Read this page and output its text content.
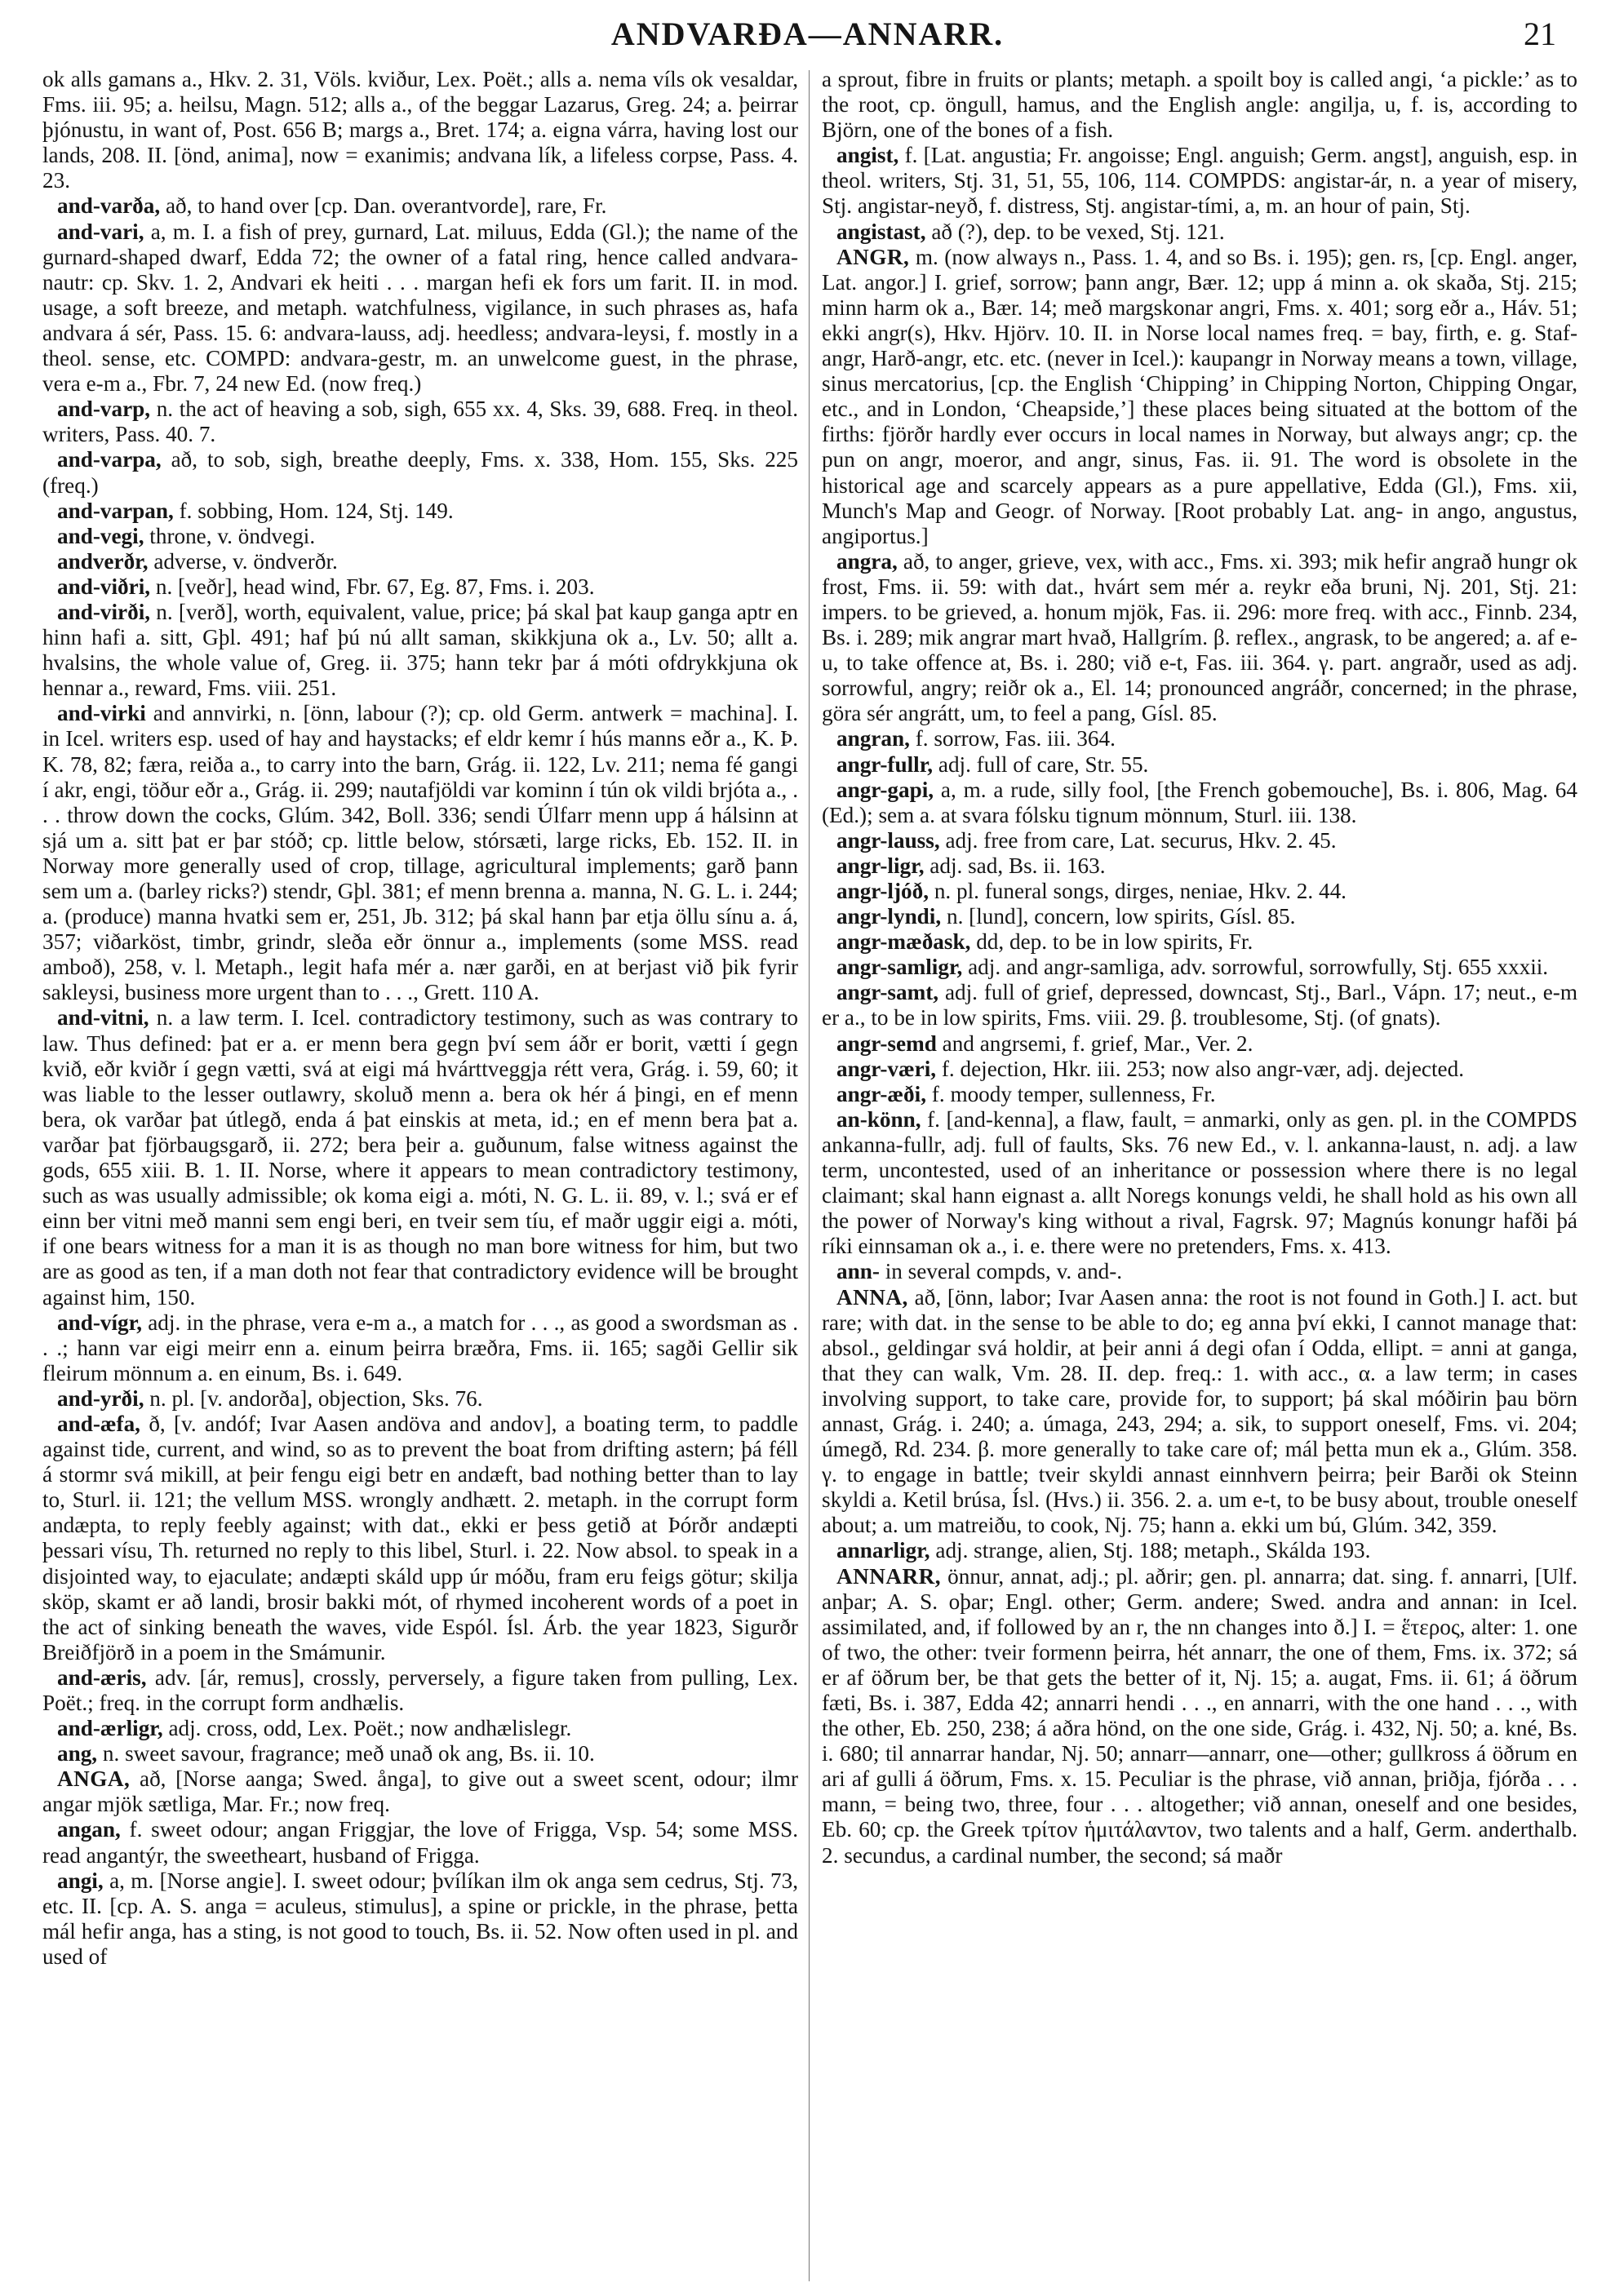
ANDVARÐA—ANNARR.	21

ok alls gamans a., Hkv. 2. 31, Völs. kviður, Lex. Poët.; alls a. nema víls ok vesaldar, Fms. iii. 95; a. heilsu, Magn. 512; alls a., of the beggar Lazarus, Greg. 24; a. þeirrar þjónustu, in want of, Post. 656 B; margs a., Bret. 174; a. eigna várra, having lost our lands, 208. II. [önd, anima], now = exanimis; andvana lík, a lifeless corpse, Pass. 4. 23.

and-varða, að, to hand over [cp. Dan. overantvorde], rare, Fr.

and-vari, a, m. I. a fish of prey, gurnard, Lat. miluus, Edda (Gl.); the name of the gurnard-shaped dwarf, Edda 72; the owner of a fatal ring, hence called andvara-nautr: cp. Skv. 1. 2, Andvari ek heiti . . . margan hefi ek fors um farit. II. in mod. usage, a soft breeze, and metaph. watchfulness, vigilance, in such phrases as, hafa andvara á sér, Pass. 15. 6: andvara-lauss, adj. heedless; andvara-leysi, f. mostly in a theol. sense, etc. COMPD: andvara-gestr, m. an unwelcome guest, in the phrase, vera e-m a., Fbr. 7, 24 new Ed. (now freq.)

and-varp, n. the act of heaving a sob, sigh, 655 xx. 4, Sks. 39, 688. Freq. in theol. writers, Pass. 40. 7.

and-varpa, að, to sob, sigh, breathe deeply, Fms. x. 338, Hom. 155, Sks. 225 (freq.)

and-varpan, f. sobbing, Hom. 124, Stj. 149.

and-vegi, throne, v. öndvegi.

andverðr, adverse, v. öndverðr.

and-viðri, n. [veðr], head wind, Fbr. 67, Eg. 87, Fms. i. 203.

and-virði, n. [verð], worth, equivalent, value, price; þá skal þat kaup ganga aptr en hinn hafi a. sitt, Gþl. 491; haf þú nú allt saman, skikkjuna ok a., Lv. 50; allt a. hvalsins, the whole value of, Greg. ii. 375; hann tekr þar á móti ofdrykkjuna ok hennar a., reward, Fms. viii. 251.

and-virki and annvirki, n. [önn, labour (?); cp. old Germ. antwerk = machina]. I. in Icel. writers esp. used of hay and haystacks; ef eldr kemr í hús manns eðr a., K. Þ. K. 78, 82; færa, reiða a., to carry into the barn, Grág. ii. 122, Lv. 211; nema fé gangi í akr, engi, töður eðr a., Grág. ii. 299; nautafjöldi var kominn í tún ok vildi brjóta a., . . . throw down the cocks, Glúm. 342, Boll. 336; sendi Úlfarr menn upp á hálsinn at sjá um a. sitt þat er þar stóð; cp. little below, stórsæti, large ricks, Eb. 152. II. in Norway more generally used of crop, tillage, agricultural implements; garð þann sem um a. (barley ricks?) stendr, Gþl. 381; ef menn brenna a. manna, N. G. L. i. 244; a. (produce) manna hvatki sem er, 251, Jb. 312; þá skal hann þar etja öllu sínu a. á, 357; viðarköst, timbr, grindr, sleða eðr önnur a., implements (some MSS. read amboð), 258, v. l. Metaph., legit hafa mér a. nær garði, en at berjast við þik fyrir sakleysi, business more urgent than to . . ., Grett. 110 A.

and-vitni, n. a law term. I. Icel. contradictory testimony, such as was contrary to law. Thus defined: þat er a. er menn bera gegn því sem áðr er borit, vætti í gegn kvið, eðr kviðr í gegn vætti, svá at eigi má hvárttveggja rétt vera, Grág. i. 59, 60; it was liable to the lesser outlawry, skoluð menn a. bera ok hér á þingi, en ef menn bera, ok varðar þat útlegð, enda á þat einskis at meta, id.; en ef menn bera þat a. varðar þat fjörbaugsgarð, ii. 272; bera þeir a. guðunum, false witness against the gods, 655 xiii. B. 1. II. Norse, where it appears to mean contradictory testimony, such as was usually admissible; ok koma eigi a. móti, N. G. L. ii. 89, v. l.; svá er ef einn ber vitni með manni sem engi beri, en tveir sem tíu, ef maðr uggir eigi a. móti, if one bears witness for a man it is as though no man bore witness for him, but two are as good as ten, if a man doth not fear that contradictory evidence will be brought against him, 150.

and-vígr, adj. in the phrase, vera e-m a., a match for . . ., as good a swordsman as . . .; hann var eigi meirr enn a. einum þeirra bræðra, Fms. ii. 165; sagði Gellir sik fleirum mönnum a. en einum, Bs. i. 649.

and-yrði, n. pl. [v. andorða], objection, Sks. 76.

and-æfa, ð, [v. andóf; Ivar Aasen andöva and andov], a boating term, to paddle against tide, current, and wind, so as to prevent the boat from drifting astern; þá féll á stormr svá mikill, at þeir fengu eigi betr en andæft, bad nothing better than to lay to, Sturl. ii. 121; the vellum MSS. wrongly andhætt. 2. metaph. in the corrupt form andæpta, to reply feebly against; with dat., ekki er þess getið at Þórðr andæpti þessari vísu, Th. returned no reply to this libel, Sturl. i. 22. Now absol. to speak in a disjointed way, to ejaculate; andæpti skáld upp úr móðu, fram eru feigs götur; skilja sköp, skamt er að landi, brosir bakki mót, of rhymed incoherent words of a poet in the act of sinking beneath the waves, vide Espól. Ísl. Árb. the year 1823, Sigurðr Breiðfjörð in a poem in the Smámunir.

and-æris, adv. [ár, remus], crossly, perversely, a figure taken from pulling, Lex. Poët.; freq. in the corrupt form andhælis.

and-ærligr, adj. cross, odd, Lex. Poët.; now andhælislegr.

ang, n. sweet savour, fragrance; með unað ok ang, Bs. ii. 10.

ANGA, að, [Norse aanga; Swed. ånga], to give out a sweet scent, odour; ilmr angar mjök sætliga, Mar. Fr.; now freq.

angan, f. sweet odour; angan Friggjar, the love of Frigga, Vsp. 54; some MSS. read angantýr, the sweetheart, husband of Frigga.

angi, a, m. [Norse angie]. I. sweet odour; þvílíkan ilm ok anga sem cedrus, Stj. 73, etc. II. [cp. A. S. anga = aculeus, stimulus], a spine or prickle, in the phrase, þetta mál hefir anga, has a sting, is not good to touch, Bs. ii. 52. Now often used in pl. and used of

a sprout, fibre in fruits or plants; metaph. a spoilt boy is called angi, ‘a pickle:’ as to the root, cp. öngull, hamus, and the English angle: angilja, u, f. is, according to Björn, one of the bones of a fish.

angist, f. [Lat. angustia; Fr. angoisse; Engl. anguish; Germ. angst], anguish, esp. in theol. writers, Stj. 31, 51, 55, 106, 114. COMPDS: angistar-ár, n. a year of misery, Stj. angistar-neyð, f. distress, Stj. angistar-tími, a, m. an hour of pain, Stj.

angistast, að (?), dep. to be vexed, Stj. 121.

ANGR, m. (now always n., Pass. 1. 4, and so Bs. i. 195); gen. rs, [cp. Engl. anger, Lat. angor.] I. grief, sorrow; þann angr, Bær. 12; upp á minn a. ok skaða, Stj. 215; minn harm ok a., Bær. 14; með margskonar angri, Fms. x. 401; sorg eðr a., Háv. 51; ekki angr(s), Hkv. Hjörv. 10. II. in Norse local names freq. = bay, firth, e. g. Staf-angr, Harð-angr, etc. etc. (never in Icel.): kaupangr in Norway means a town, village, sinus mercatorius, [cp. the English ‘Chipping’ in Chipping Norton, Chipping Ongar, etc., and in London, ‘Cheapside,’] these places being situated at the bottom of the firths: fjörðr hardly ever occurs in local names in Norway, but always angr; cp. the pun on angr, moeror, and angr, sinus, Fas. ii. 91. The word is obsolete in the historical age and scarcely appears as a pure appellative, Edda (Gl.), Fms. xii, Munch's Map and Geogr. of Norway. [Root probably Lat. ang- in ango, angustus, angiportus.]

angra, að, to anger, grieve, vex, with acc., Fms. xi. 393; mik hefir angrað hungr ok frost, Fms. ii. 59: with dat., hvárt sem mér a. reykr eða bruni, Nj. 201, Stj. 21: impers. to be grieved, a. honum mjök, Fas. ii. 296: more freq. with acc., Finnb. 234, Bs. i. 289; mik angrar mart hvað, Hallgrím. β. reflex., angrask, to be angered; a. af e-u, to take offence at, Bs. i. 280; við e-t, Fas. iii. 364. γ. part. angraðr, used as adj. sorrowful, angry; reiðr ok a., El. 14; pronounced angráðr, concerned; in the phrase, göra sér angrátt, um, to feel a pang, Gísl. 85.

angran, f. sorrow, Fas. iii. 364.

angr-fullr, adj. full of care, Str. 55.

angr-gapi, a, m. a rude, silly fool, [the French gobemouche], Bs. i. 806, Mag. 64 (Ed.); sem a. at svara fólsku tignum mönnum, Sturl. iii. 138.

angr-lauss, adj. free from care, Lat. securus, Hkv. 2. 45.

angr-ligr, adj. sad, Bs. ii. 163.

angr-ljóð, n. pl. funeral songs, dirges, neniae, Hkv. 2. 44.

angr-lyndi, n. [lund], concern, low spirits, Gísl. 85.

angr-mæðask, dd, dep. to be in low spirits, Fr.

angr-samligr, adj. and angr-samliga, adv. sorrowful, sorrowfully, Stj. 655 xxxii.

angr-samt, adj. full of grief, depressed, downcast, Stj., Barl., Vápn. 17; neut., e-m er a., to be in low spirits, Fms. viii. 29. β. troublesome, Stj. (of gnats).

angr-semd and angrsemi, f. grief, Mar., Ver. 2.

angr-væri, f. dejection, Hkr. iii. 253; now also angr-vær, adj. dejected.

angr-æði, f. moody temper, sullenness, Fr.

an-könn, f. [and-kenna], a flaw, fault, = anmarki, only as gen. pl. in the COMPDS ankanna-fullr, adj. full of faults, Sks. 76 new Ed., v. l. ankanna-laust, n. adj. a law term, uncontested, used of an inheritance or possession where there is no legal claimant; skal hann eignast a. allt Noregs konungs veldi, he shall hold as his own all the power of Norway's king without a rival, Fagrsk. 97; Magnús konungr hafði þá ríki einnsaman ok a., i. e. there were no pretenders, Fms. x. 413.

ann- in several compds, v. and-.

ANNA, að, [önn, labor; Ivar Aasen anna: the root is not found in Goth.] I. act. but rare; with dat. in the sense to be able to do; eg anna því ekki, I cannot manage that: absol., geldingar svá holdir, at þeir anni á degi ofan í Odda, ellipt. = anni at ganga, that they can walk, Vm. 28. II. dep. freq.: 1. with acc., α. a law term; in cases involving support, to take care, provide for, to support; þá skal móðirin þau börn annast, Grág. i. 240; a. úmaga, 243, 294; a. sik, to support oneself, Fms. vi. 204; úmegð, Rd. 234. β. more generally to take care of; mál þetta mun ek a., Glúm. 358. γ. to engage in battle; tveir skyldi annast einnhvern þeirra; þeir Barði ok Steinn skyldi a. Ketil brúsa, Ísl. (Hvs.) ii. 356. 2. a. um e-t, to be busy about, trouble oneself about; a. um matreiðu, to cook, Nj. 75; hann a. ekki um bú, Glúm. 342, 359.

annarligr, adj. strange, alien, Stj. 188; metaph., Skálda 193.

ANNARR, önnur, annat, adj.; pl. aðrir; gen. pl. annarra; dat. sing. f. annarri, [Ulf. anþar; A. S. oþar; Engl. other; Germ. andere; Swed. andra and annan: in Icel. assimilated, and, if followed by an r, the nn changes into ð.] I. = ἕτερος, alter: 1. one of two, the other: tveir formenn þeirra, hét annarr, the one of them, Fms. ix. 372; sá er af öðrum ber, be that gets the better of it, Nj. 15; a. augat, Fms. ii. 61; á öðrum fæti, Bs. i. 387, Edda 42; annarri hendi . . ., en annarri, with the one hand . . ., with the other, Eb. 250, 238; á aðra hönd, on the one side, Grág. i. 432, Nj. 50; a. kné, Bs. i. 680; til annarrar handar, Nj. 50; annarr—annarr, one—other; gullkross á öðrum en ari af gulli á öðrum, Fms. x. 15. Peculiar is the phrase, við annan, þriðja, fjórða . . . mann, = being two, three, four . . . altogether; við annan, oneself and one besides, Eb. 60; cp. the Greek τρίτον ἡμιτάλαντον, two talents and a half, Germ. anderthalb. 2. secundus, a cardinal number, the second; sá maðr
